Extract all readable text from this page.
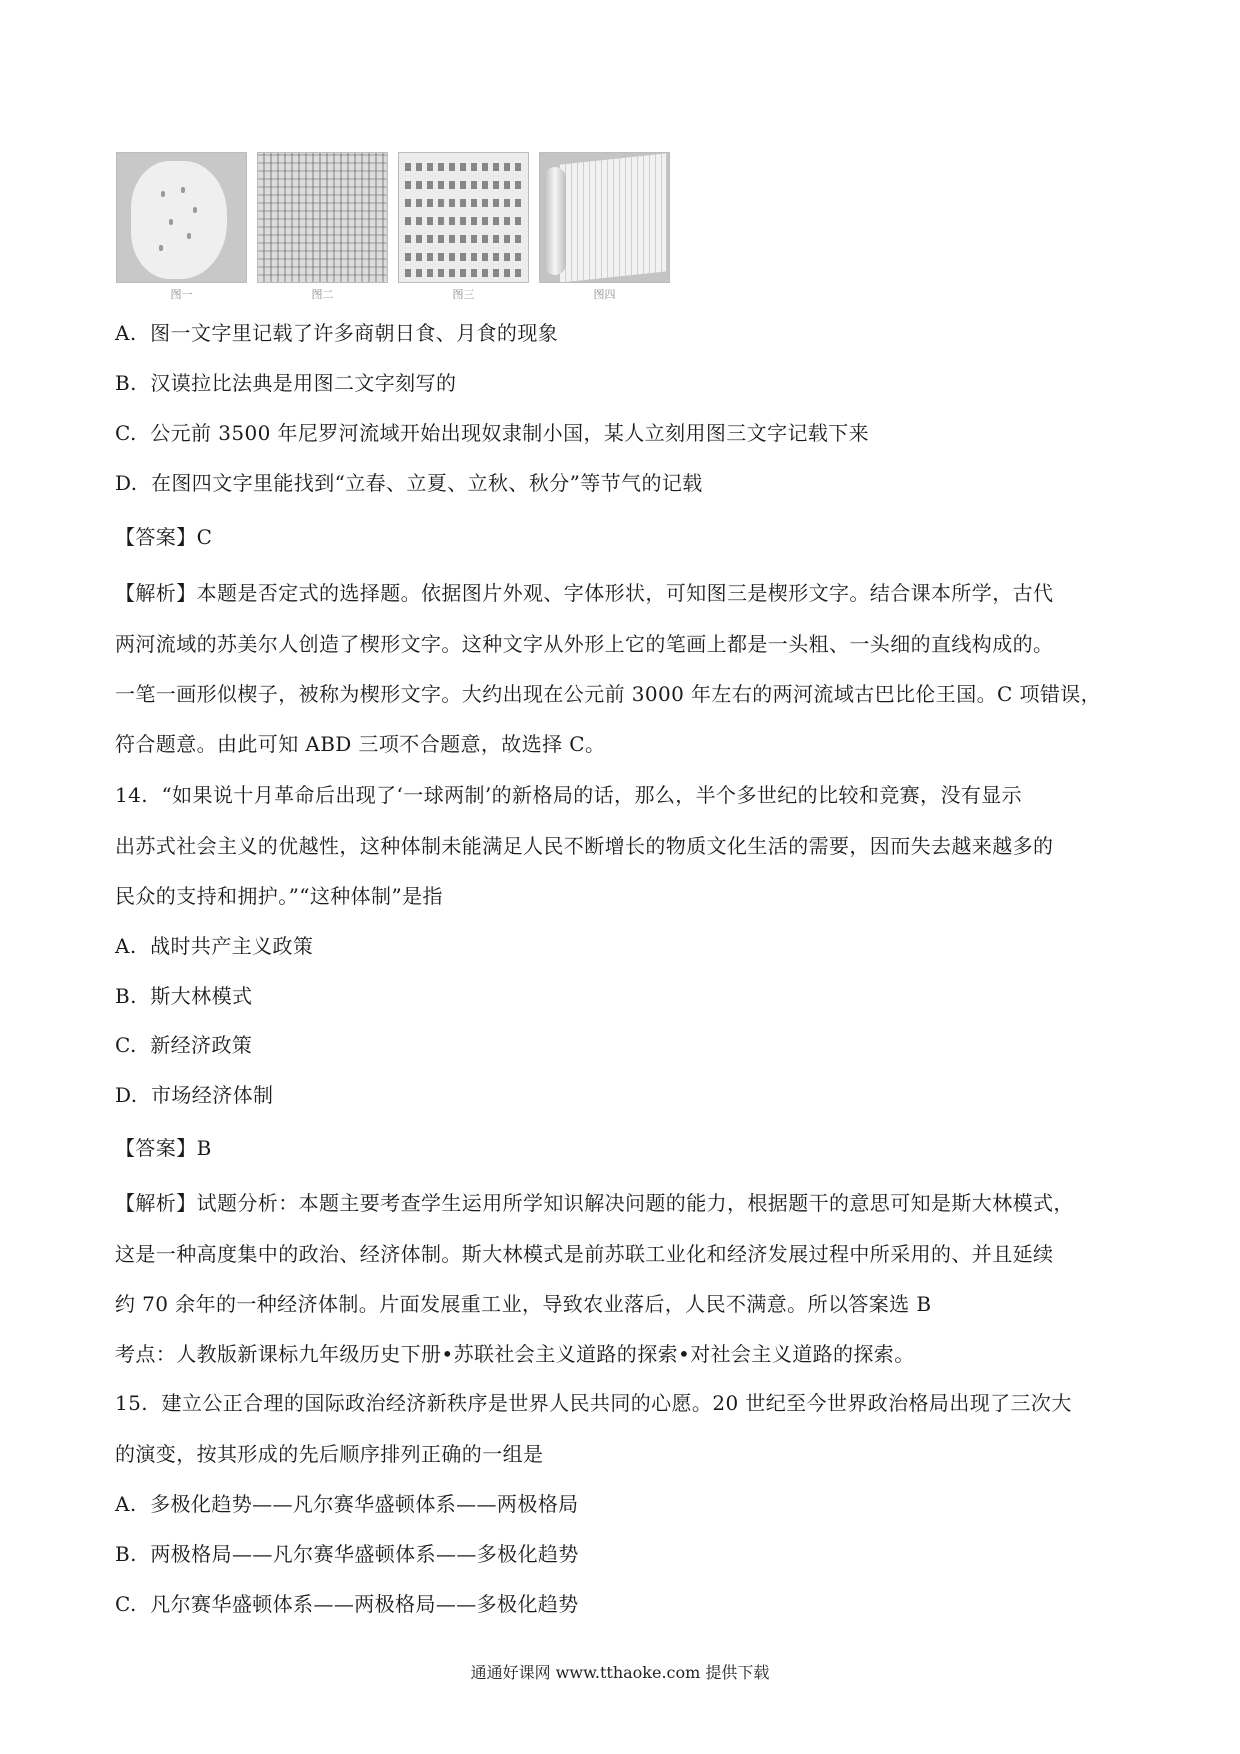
图一	图二	图三	图四
A.  图一文字里记载了许多商朝日食、月食的现象
B.  汉谟拉比法典是用图二文字刻写的
C.  公元前 3500 年尼罗河流域开始出现奴隶制小国，某人立刻用图三文字记载下来
D.  在图四文字里能找到“立春、立夏、立秋、秋分”等节气的记载
【答案】C
【解析】本题是否定式的选择题。依据图片外观、字体形状，可知图三是楔形文字。结合课本所学，古代
两河流域的苏美尔人创造了楔形文字。这种文字从外形上它的笔画上都是一头粗、一头细的直线构成的。
一笔一画形似楔子，被称为楔形文字。大约出现在公元前 3000 年左右的两河流域古巴比伦王国。C 项错误，
符合题意。由此可知 ABD 三项不合题意，故选择 C。
14.  “如果说十月革命后出现了‘一球两制’的新格局的话，那么，半个多世纪的比较和竞赛，没有显示
出苏式社会主义的优越性，这种体制未能满足人民不断增长的物质文化生活的需要，因而失去越来越多的
民众的支持和拥护。”“这种体制”是指
A.  战时共产主义政策
B.  斯大林模式
C.  新经济政策
D.  市场经济体制
【答案】B
【解析】试题分析：本题主要考查学生运用所学知识解决问题的能力，根据题干的意思可知是斯大林模式，
这是一种高度集中的政治、经济体制。斯大林模式是前苏联工业化和经济发展过程中所采用的、并且延续
约 70 余年的一种经济体制。片面发展重工业，导致农业落后，人民不满意。所以答案选 B
考点：人教版新课标九年级历史下册•苏联社会主义道路的探索•对社会主义道路的探索。
15.  建立公正合理的国际政治经济新秩序是世界人民共同的心愿。20 世纪至今世界政治格局出现了三次大
的演变，按其形成的先后顺序排列正确的一组是
A.  多极化趋势——凡尔赛华盛顿体系——两极格局
B.  两极格局——凡尔赛华盛顿体系——多极化趋势
C.  凡尔赛华盛顿体系——两极格局——多极化趋势
通通好课网 www.tthaoke.com 提供下载
